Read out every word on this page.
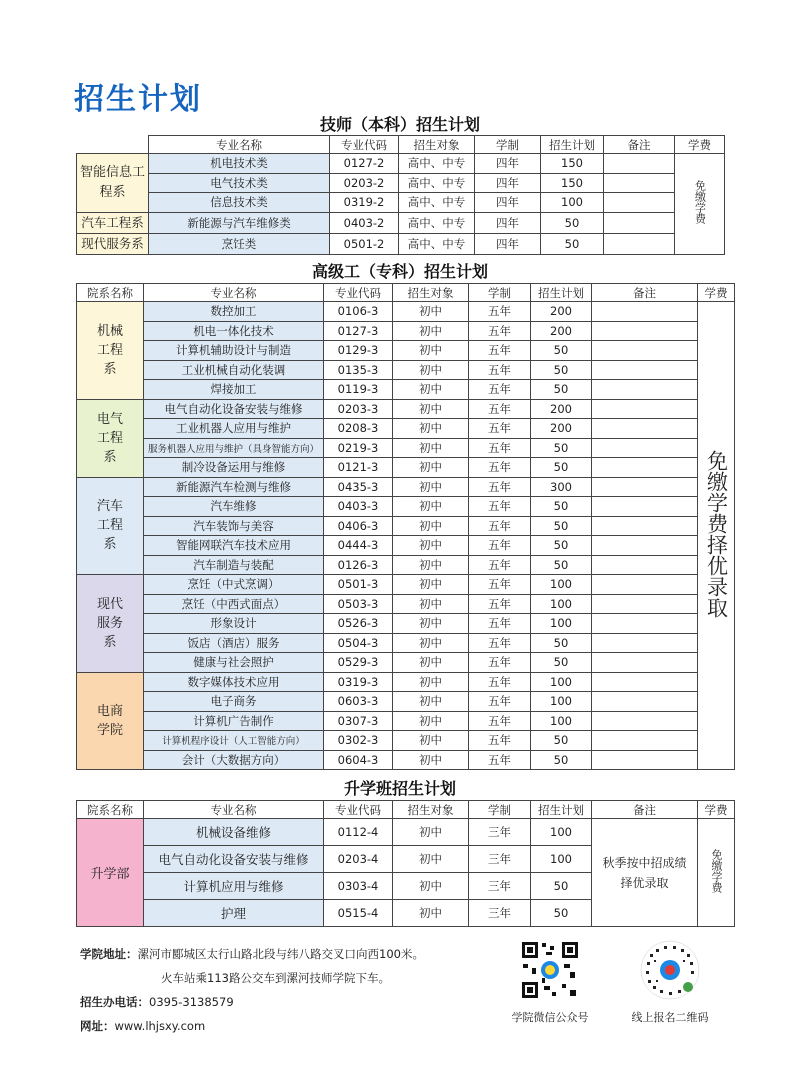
招生计划
技师（本科）招生计划
	专业名称	专业代码	招生对象	学制	招生计划	备注	学费
智能信息工程系	机电技术类	0127-2	高中、中专	四年	150		免缴学费
	电气技术类	0203-2	高中、中专	四年	150		
	信息技术类	0319-2	高中、中专	四年	100		
汽车工程系	新能源与汽车维修类	0403-2	高中、中专	四年	50		
现代服务系	烹饪类	0501-2	高中、中专	四年	50		
高级工（专科）招生计划
院系名称	专业名称	专业代码	招生对象	学制	招生计划	备注	学费
机械工程系	数控加工	0106-3	初中	五年	200		免缴学费择优录取
	机电一体化技术	0127-3	初中	五年	200		
	计算机辅助设计与制造	0129-3	初中	五年	50		
	工业机械自动化装调	0135-3	初中	五年	50		
	焊接加工	0119-3	初中	五年	50		
电气工程系	电气自动化设备安装与维修	0203-3	初中	五年	200		
	工业机器人应用与维护	0208-3	初中	五年	200		
	服务机器人应用与维护（具身智能方向）	0219-3	初中	五年	50		
	制冷设备运用与维修	0121-3	初中	五年	50		
汽车工程系	新能源汽车检测与维修	0435-3	初中	五年	300		
	汽车维修	0403-3	初中	五年	50		
	汽车装饰与美容	0406-3	初中	五年	50		
	智能网联汽车技术应用	0444-3	初中	五年	50		
	汽车制造与装配	0126-3	初中	五年	50		
现代服务系	烹饪（中式烹调）	0501-3	初中	五年	100		
	烹饪（中西式面点）	0503-3	初中	五年	100		
	形象设计	0526-3	初中	五年	100		
	饭店（酒店）服务	0504-3	初中	五年	50		
	健康与社会照护	0529-3	初中	五年	50		
电商学院	数字媒体技术应用	0319-3	初中	五年	100		
	电子商务	0603-3	初中	五年	100		
	计算机广告制作	0307-3	初中	五年	100		
	计算机程序设计（人工智能方向）	0302-3	初中	五年	50		
	会计（大数据方向）	0604-3	初中	五年	50		
升学班招生计划
院系名称	专业名称	专业代码	招生对象	学制	招生计划	备注	学费
升学部	机械设备维修	0112-4	初中	三年	100	秋季按中招成绩择优录取	免缴学费
	电气自动化设备安装与维修	0203-4	初中	三年	100		
	计算机应用与维修	0303-4	初中	三年	50		
	护理	0515-4	初中	三年	50		
学院地址：漯河市郾城区太行山路北段与纬八路交叉口向西100米。
火车站乘113路公交车到漯河技师学院下车。
招生办电话：0395-3138579
网址：www.lhjsxy.com
学院微信公众号	线上报名二维码
